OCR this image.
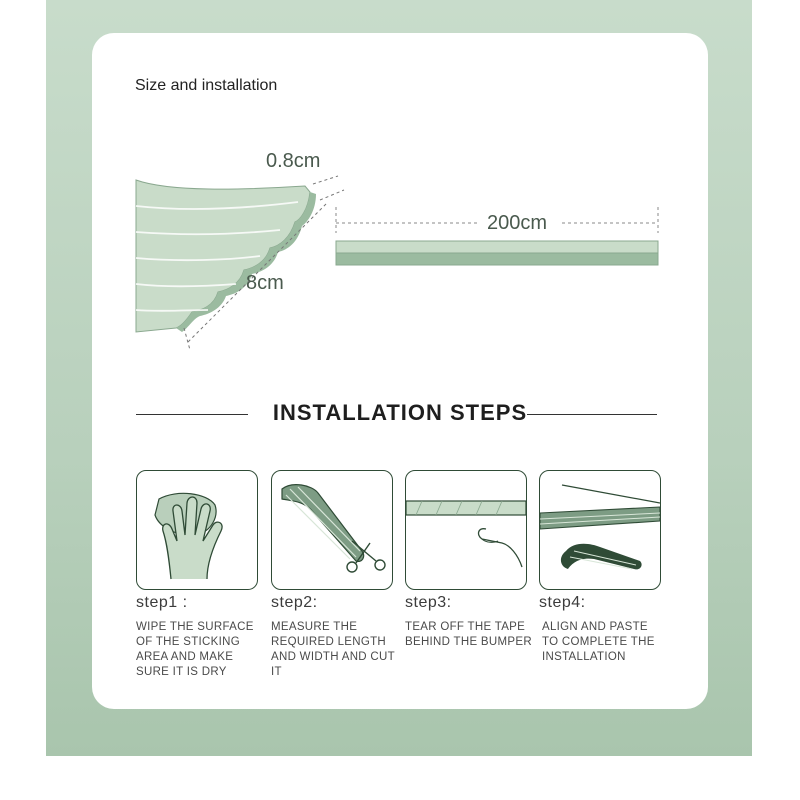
Size and installation
0.8cm
8cm
200cm
INSTALLATION STEPS
step1 :
WIPE THE SURFACE OF THE STICKING AREA AND MAKE SURE IT IS DRY
step2:
MEASURE THE REQUIRED LENGTH AND WIDTH AND CUT IT
step3:
TEAR OFF THE TAPE BEHIND THE BUMPER
step4:
ALIGN AND PASTE TO COMPLETE THE INSTALLATION
